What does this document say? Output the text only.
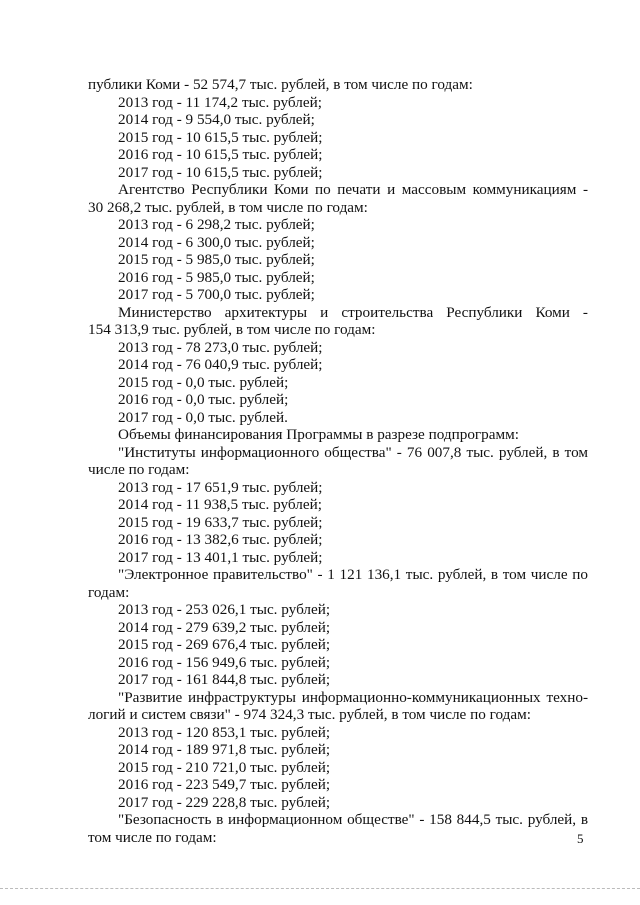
публики Коми - 52 574,7 тыс. рублей, в том числе по годам:
2013 год - 11 174,2 тыс. рублей;
2014 год - 9 554,0 тыс. рублей;
2015 год - 10 615,5 тыс. рублей;
2016 год - 10 615,5 тыс. рублей;
2017 год - 10 615,5 тыс. рублей;
Агентство Республики Коми по печати и массовым коммуникациям -
30 268,2 тыс. рублей, в том числе по годам:
2013 год - 6 298,2 тыс. рублей;
2014 год - 6 300,0 тыс. рублей;
2015 год - 5 985,0 тыс. рублей;
2016 год - 5 985,0 тыс. рублей;
2017 год - 5 700,0 тыс. рублей;
Министерство архитектуры и строительства Республики Коми -
154 313,9 тыс. рублей, в том числе по годам:
2013 год - 78 273,0 тыс. рублей;
2014 год - 76 040,9 тыс. рублей;
2015 год - 0,0 тыс. рублей;
2016 год - 0,0 тыс. рублей;
2017 год - 0,0 тыс. рублей.
Объемы финансирования Программы в разрезе подпрограмм:
"Институты информационного общества" - 76 007,8 тыс. рублей, в том
числе по годам:
2013 год - 17 651,9 тыс. рублей;
2014 год - 11 938,5 тыс. рублей;
2015 год - 19 633,7 тыс. рублей;
2016 год - 13 382,6 тыс. рублей;
2017 год - 13 401,1 тыс. рублей;
"Электронное правительство" - 1 121 136,1 тыс. рублей, в том числе по
годам:
2013 год - 253 026,1 тыс. рублей;
2014 год - 279 639,2 тыс. рублей;
2015 год - 269 676,4 тыс. рублей;
2016 год - 156 949,6 тыс. рублей;
2017 год - 161 844,8 тыс. рублей;
"Развитие инфраструктуры информационно-коммуникационных техно-
логий и систем связи" - 974 324,3 тыс. рублей, в том числе по годам:
2013 год - 120 853,1 тыс. рублей;
2014 год - 189 971,8 тыс. рублей;
2015 год - 210 721,0 тыс. рублей;
2016 год - 223 549,7 тыс. рублей;
2017 год - 229 228,8 тыс. рублей;
"Безопасность в информационном обществе" - 158 844,5 тыс. рублей, в
том числе по годам:	5
